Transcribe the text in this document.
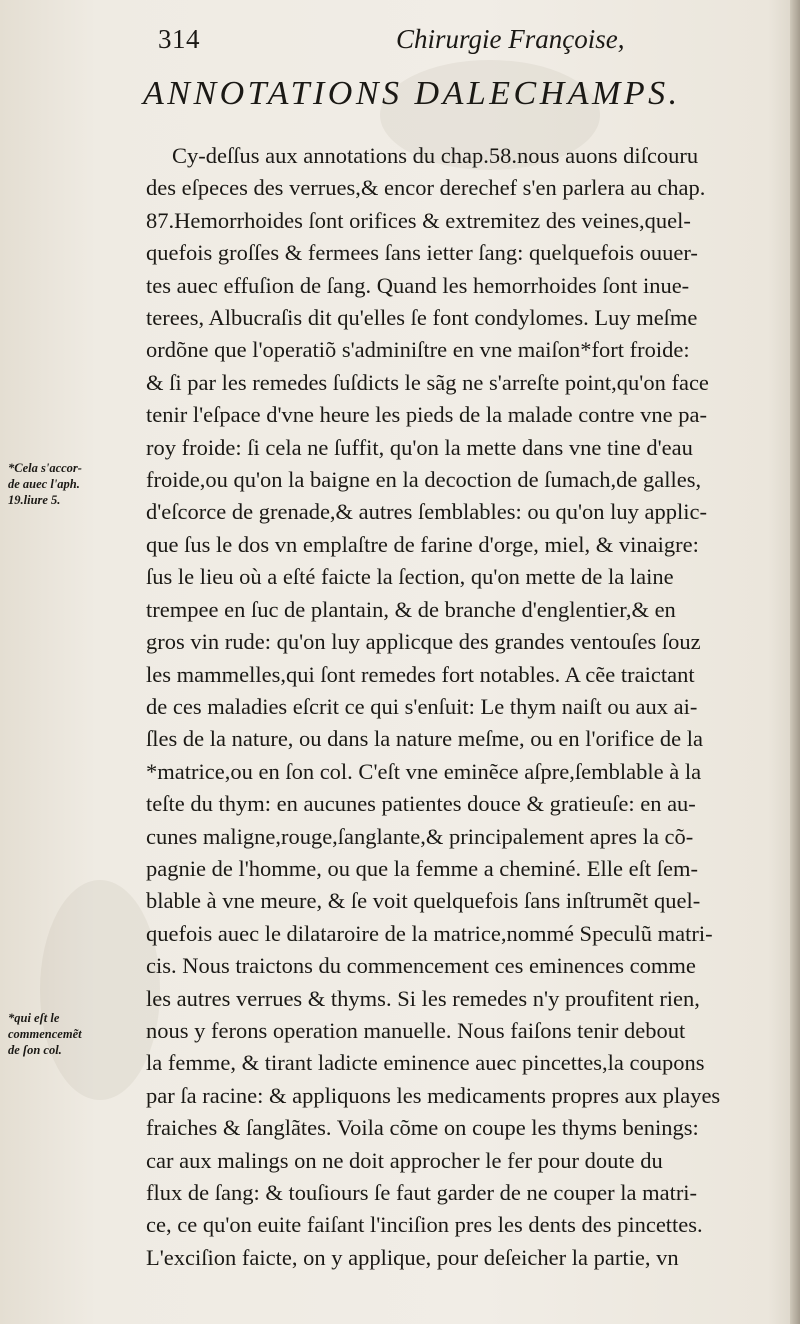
314	Chirurgie Françoise,
ANNOTATIONS DALECHAMPS.
*Cela s'accor-
de auec l'aph.
19.liure 5.
*qui eſt le
commencemẽt
de ſon col.
Cy-deſſus aux annotations du chap.58.nous auons diſcouru
des eſpeces des verrues,& encor derechef s'en parlera au chap.
87.Hemorrhoides ſont orifices & extremitez des veines,quel-
quefois groſſes & fermees ſans ietter ſang: quelquefois ouuer-
tes auec effuſion de ſang. Quand les hemorrhoides ſont inue-
terees, Albucraſis dit qu'elles ſe font condylomes. Luy meſme
ordõne que l'operatiõ s'adminiſtre en vne maiſon*fort froide:
& ſi par les remedes ſuſdicts le sãg ne s'arreſte point,qu'on face
tenir l'eſpace d'vne heure les pieds de la malade contre vne pa-
roy froide: ſi cela ne ſuffit, qu'on la mette dans vne tine d'eau
froide,ou qu'on la baigne en la decoction de ſumach,de galles,
d'eſcorce de grenade,& autres ſemblables: ou qu'on luy applic-
que ſus le dos vn emplaſtre de farine d'orge, miel, & vinaigre:
ſus le lieu où a eſté faicte la ſection, qu'on mette de la laine
trempee en ſuc de plantain, & de branche d'englentier,& en
gros vin rude: qu'on luy applicque des grandes ventouſes ſouz
les mammelles,qui ſont remedes fort notables. A cẽe traictant
de ces maladies eſcrit ce qui s'enſuit: Le thym naiſt ou aux ai-
ſles de la nature, ou dans la nature meſme, ou en l'orifice de la
*matrice,ou en ſon col. C'eſt vne eminẽce aſpre,ſemblable à la
teſte du thym: en aucunes patientes douce & gratieuſe: en au-
cunes maligne,rouge,ſanglante,& principalement apres la cõ-
pagnie de l'homme, ou que la femme a cheminé. Elle eſt ſem-
blable à vne meure, & ſe voit quelquefois ſans inſtrumẽt quel-
quefois auec le dilataroire de la matrice,nommé Speculũ matri-
cis. Nous traictons du commencement ces eminences comme
les autres verrues & thyms. Si les remedes n'y proufitent rien,
nous y ferons operation manuelle. Nous faiſons tenir debout
la femme, & tirant ladicte eminence auec pincettes,la coupons
par ſa racine: & appliquons les medicaments propres aux playes
fraiches & ſanglãtes. Voila cõme on coupe les thyms benings:
car aux malings on ne doit approcher le fer pour doute du
flux de ſang: & touſiours ſe faut garder de ne couper la matri-
ce, ce qu'on euite faiſant l'inciſion pres les dents des pincettes.
L'exciſion faicte, on y applique, pour deſeicher la partie, vn
